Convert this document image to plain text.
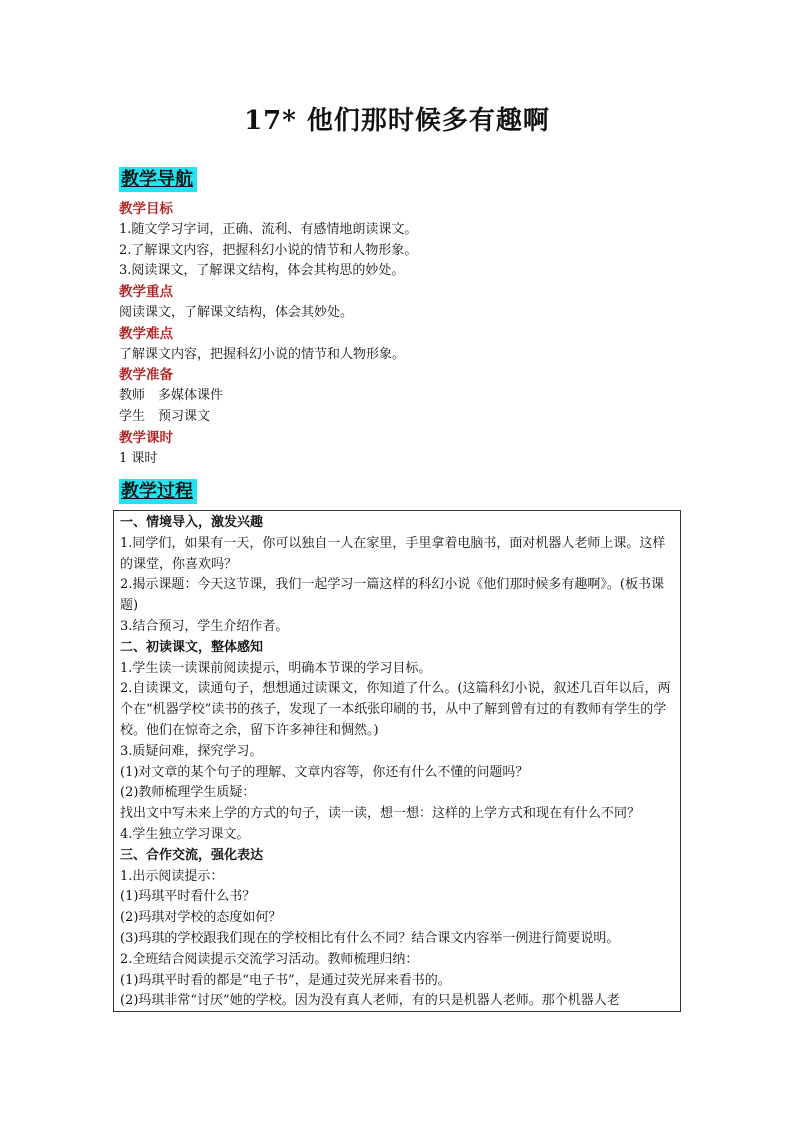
17* 他们那时候多有趣啊
教学导航
教学目标
1.随文学习字词，正确、流利、有感情地朗读课文。
2.了解课文内容，把握科幻小说的情节和人物形象。
3.阅读课文，了解课文结构，体会其构思的妙处。
教学重点
阅读课文，了解课文结构，体会其妙处。
教学难点
了解课文内容，把握科幻小说的情节和人物形象。
教学准备
教师　多媒体课件
学生　预习课文
教学课时
1 课时
教学过程

一、情境导入，激发兴趣

1.同学们，如果有一天，你可以独自一人在家里，手里拿着电脑书，面对机器人老师上课。这样的课堂，你喜欢吗？

2.揭示课题：今天这节课，我们一起学习一篇这样的科幻小说《他们那时候多有趣啊》。(板书课题)

3.结合预习，学生介绍作者。

二、初读课文，整体感知

1.学生读一读课前阅读提示，明确本节课的学习目标。

2.自读课文，读通句子，想想通过读课文，你知道了什么。(这篇科幻小说，叙述几百年以后，两个在“机器学校”读书的孩子，发现了一本纸张印刷的书，从中了解到曾有过的有教师有学生的学校。他们在惊奇之余，留下许多神往和惆然。)

3.质疑问难，探究学习。

(1)对文章的某个句子的理解、文章内容等，你还有什么不懂的问题吗？

(2)教师梳理学生质疑：

找出文中写未来上学的方式的句子，读一读，想一想：这样的上学方式和现在有什么不同？

4.学生独立学习课文。

三、合作交流，强化表达

1.出示阅读提示：

(1)玛琪平时看什么书？

(2)玛琪对学校的态度如何？

(3)玛琪的学校跟我们现在的学校相比有什么不同？结合课文内容举一例进行简要说明。

2.全班结合阅读提示交流学习活动。教师梳理归纳：

(1)玛琪平时看的都是“电子书”，是通过荧光屏来看书的。

(2)玛琪非常“讨厌”她的学校。因为没有真人老师，有的只是机器人老师。那个机器人老
